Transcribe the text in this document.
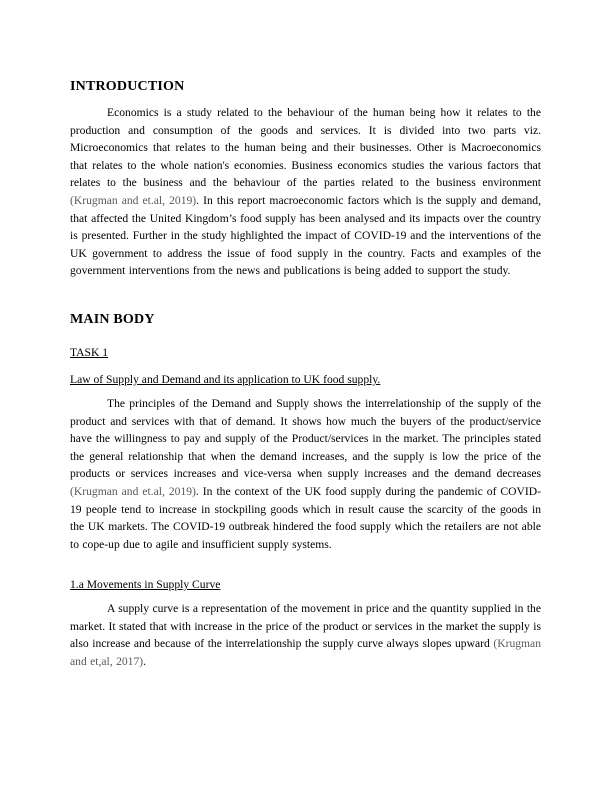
INTRODUCTION

Economics is a study related to the behaviour of the human being how it relates to the production and consumption of the goods and services. It is divided into two parts viz. Microeconomics that relates to the human being and their businesses. Other is Macroeconomics that relates to the whole nation's economies. Business economics studies the various factors that relates to the business and the behaviour of the parties related to the business environment (Krugman and et.al, 2019). In this report macroeconomic factors which is the supply and demand, that affected the United Kingdom’s food supply has been analysed and its impacts over the country is presented. Further in the study highlighted the impact of COVID-19 and the interventions of the UK government to address the issue of food supply in the country. Facts and examples of the government interventions from the news and publications is being added to support the study.

MAIN BODY

TASK 1

Law of Supply and Demand and its application to UK food supply.

The principles of the Demand and Supply shows the interrelationship of the supply of the product and services with that of demand. It shows how much the buyers of the product/service have the willingness to pay and supply of the Product/services in the market. The principles stated the general relationship that when the demand increases, and the supply is low the price of the products or services increases and vice-versa when supply increases and the demand decreases (Krugman and et.al, 2019). In the context of the UK food supply during the pandemic of COVID-19 people tend to increase in stockpiling goods which in result cause the scarcity of the goods in the UK markets. The COVID-19 outbreak hindered the food supply which the retailers are not able to cope-up due to agile and insufficient supply systems.

1.a Movements in Supply Curve

A supply curve is a representation of the movement in price and the quantity supplied in the market. It stated that with increase in the price of the product or services in the market the supply is also increase and because of the interrelationship the supply curve always slopes upward (Krugman and et,al, 2017).
